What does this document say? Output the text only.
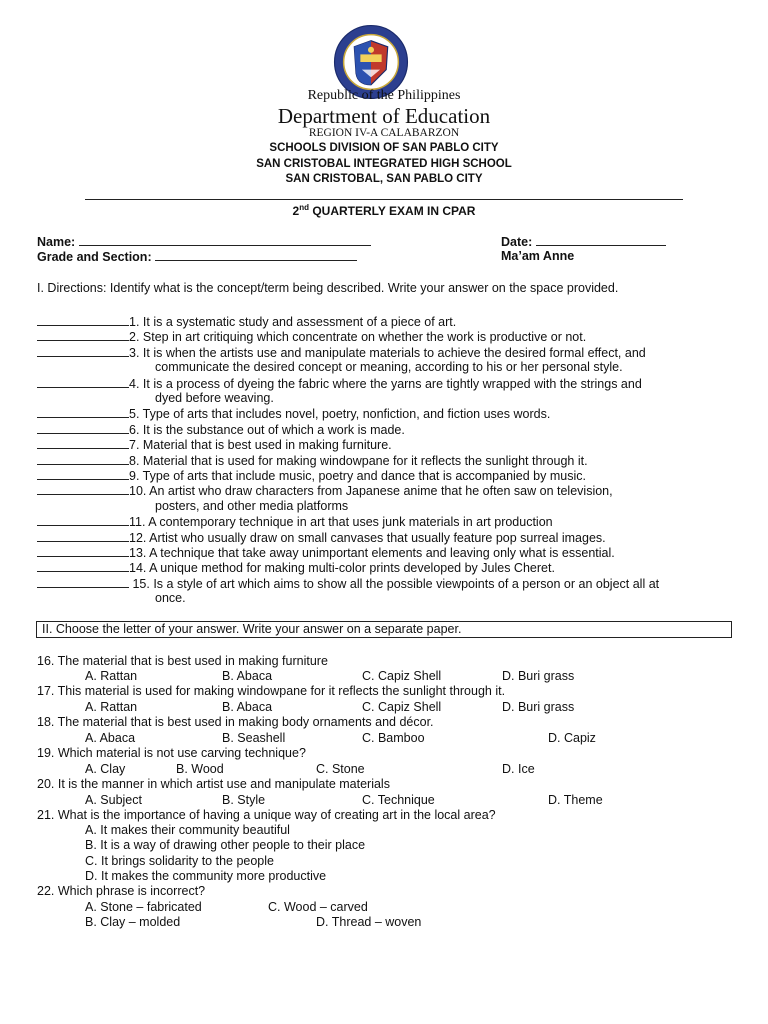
Republic of the Philippines
Department of Education
REGION IV-A CALABARZON
SCHOOLS DIVISION OF SAN PABLO CITY
SAN CRISTOBAL INTEGRATED HIGH SCHOOL
SAN CRISTOBAL, SAN PABLO CITY
2nd QUARTERLY EXAM IN CPAR
Name:	Date:
Grade and Section:	Ma’am Anne
I. Directions: Identify what is the concept/term being described. Write your answer on the space provided.
1. It is a systematic study and assessment of a piece of art.
2. Step in art critiquing which concentrate on whether the work is productive or not.
3. It is when the artists use and manipulate materials to achieve the desired formal effect, and
communicate the desired concept or meaning, according to his or her personal style.
4. It is a process of dyeing the fabric where the yarns are tightly wrapped with the strings and
dyed before weaving.
5. Type of arts that includes novel, poetry, nonfiction, and fiction uses words.
6. It is the substance out of which a work is made.
7. Material that is best used in making furniture.
8. Material that is used for making windowpane for it reflects the sunlight through it.
9. Type of arts that include music, poetry and dance that is accompanied by music.
10. An artist who draw characters from Japanese anime that he often saw on television,
posters, and other media platforms
11. A contemporary technique in art that uses junk materials in art production
12. Artist who usually draw on small canvases that usually feature pop surreal images.
13. A technique that take away unimportant elements and leaving only what is essential.
14. A unique method for making multi-color prints developed by Jules Cheret.
15. Is a style of art which aims to show all the possible viewpoints of a person or an object all at
once.
II. Choose the letter of your answer. Write your answer on a separate paper.
16. The material that is best used in making furniture
A. Rattan	B. Abaca	C. Capiz Shell	D. Buri grass
17. This material is used for making windowpane for it reflects the sunlight through it.
A. Rattan	B. Abaca	C. Capiz Shell	D. Buri grass
18. The material that is best used in making body ornaments and décor.
A. Abaca	B. Seashell	C. Bamboo	D. Capiz
19. Which material is not use carving technique?
A. Clay	B. Wood	C. Stone	D. Ice
20. It is the manner in which artist use and manipulate materials
A. Subject	B. Style	C. Technique	D. Theme
21. What is the importance of having a unique way of creating art in the local area?
A. It makes their community beautiful
B. It is a way of drawing other people to their place
C. It brings solidarity to the people
D. It makes the community more productive
22. Which phrase is incorrect?
A. Stone – fabricated	C. Wood – carved
B. Clay – molded	D. Thread – woven
